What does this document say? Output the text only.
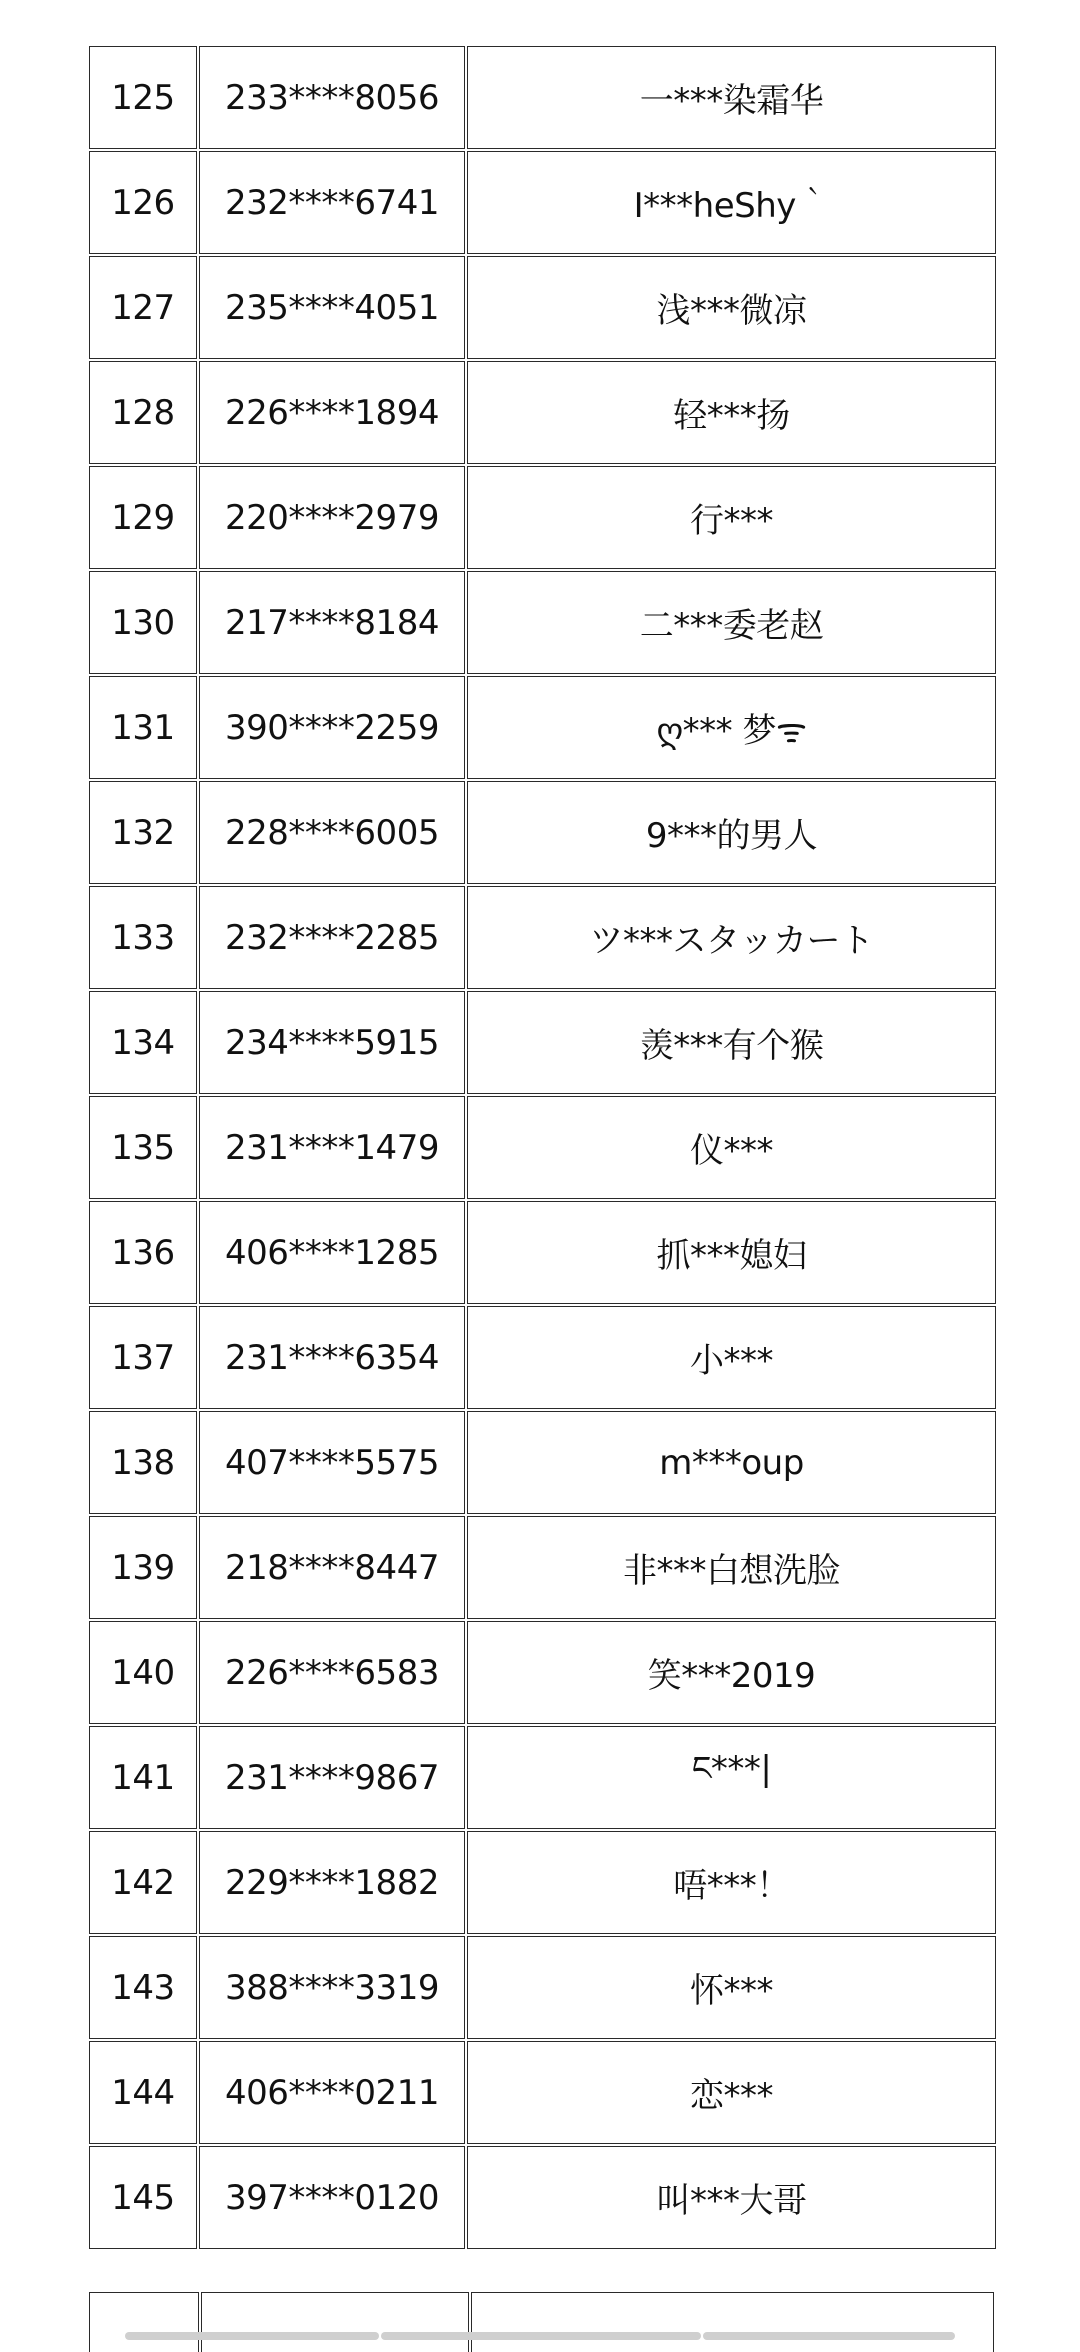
125	233****8056	一***染霜华
126	232****6741	I***heShy｀
127	235****4051	浅***微凉
128	226****1894	轻***扬
129	220****2979	行***
130	217****8184	二***委老赵
131	390****2259	ღ*** 梦ᯤ
132	228****6005	9***的男人
133	232****2285	ツ***スタッカート
134	234****5915	羡***有个猴
135	231****1479	仪***
136	406****1285	抓***媳妇
137	231****6354	小***
138	407****5575	m***oup
139	218****8447	非***白想洗脸
140	226****6583	笑***2019
141	231****9867	ང***|
142	229****1882	唔***！
143	388****3319	怀***
144	406****0211	恋***
145	397****0120	叫***大哥
